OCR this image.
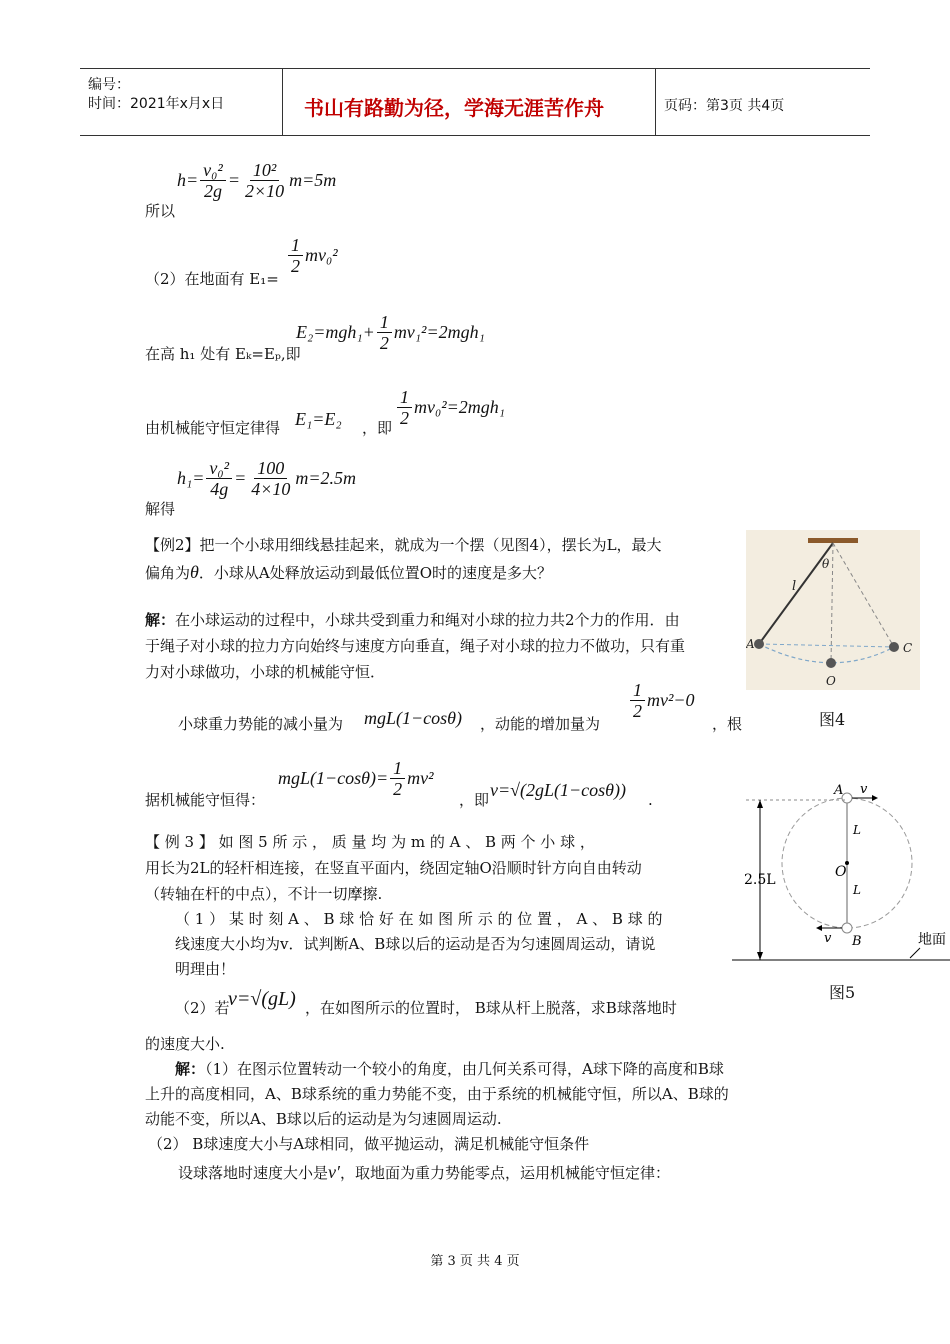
编号：
时间：2021年x月x日	书山有路勤为径，学海无涯苦作舟	页码：第3页 共4页
所以
$h= \frac{\text{v₀²}}{2g} = \frac{\text{10²}}{2\times 10} m=5m$
（2）在地面有 E₁=
$\frac{1}{2} mv_0^2$
在高 h₁ 处有 Eₖ=Eₚ,即
$E_2=mgh_1+ \frac{1}{2} mv_1^2=2mgh_1$
由机械能守恒定律得 E₁=E₂ ，即 $\frac{1}{2} mv_0^2=2mgh_1$
解得
$h_1= \frac{\text{v₀²}}{4g} = \frac{100}{4\times 10} m=2.5m$
【例2】把一个小球用细线悬挂起来，就成为一个摆（见图4），摆长为L，最大
偏角为θ．小球从A处释放运动到最低位置O时的速度是多大？
解：在小球运动的过程中，小球共受到重力和绳对小球的拉力共2个力的作用．由
于绳子对小球的拉力方向始终与速度方向垂直，绳子对小球的拉力不做功，只有重
力对小球做功，小球的机械能守恒．
θ
l
A
O
C
图4
小球重力势能的减小量为 mgL(1−cosθ) ，动能的增加量为
$\frac{1}{2} mv^2-0$
，根
据机械能守恒得：
$mgL(1-\cos\theta)= \frac{1}{2} mv^2$
，即 v=√(2gL(1−cosθ)) .
A v
L
O
L
v B
2.5L
地面
图5
【 例 3 】 如 图 5 所 示 ， 质 量 均 为 m 的 A 、 B 两 个 小 球 ，
用长为2L的轻杆相连接，在竖直平面内，绕固定轴O沿顺时针方向自由转动
（转轴在杆的中点），不计一切摩擦.
（ 1 ） 某 时 刻 A 、 B 球 恰 好 在 如 图 所 示 的 位 置 ， A 、 B 球 的
线速度大小均为v．试判断A、B球以后的运动是否为匀速圆周运动，请说
明理由！
（2）若
v=√(gL) ，在如图所示的位置时， B球从杆上脱落，求B球落地时
的速度大小.
解：（1）在图示位置转动一个较小的角度，由几何关系可得，A球下降的高度和B球
上升的高度相同，A、B球系统的重力势能不变，由于系统的机械能守恒，所以A、B球的
动能不变，所以A、B球以后的运动是为匀速圆周运动.
（2） B球速度大小与A球相同，做平抛运动，满足机械能守恒条件
设球落地时速度大小是v′，取地面为重力势能零点，运用机械能守恒定律：
第 3 页 共 4 页
